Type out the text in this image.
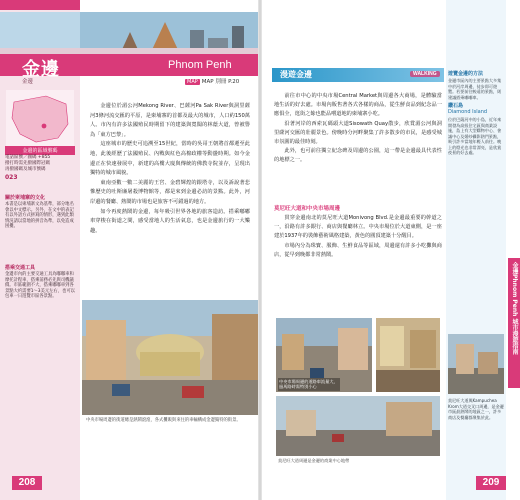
金邊	Phnom Penh
金邊	MAP MAP 別冊 P.20
金邊的區域號碼
電話區號／國碼 +855
撥打時需先撥國際冠碼
再撥國碼及城市號碼
023
關於柬埔寨的文化
本書是以柬埔寨文為基準，部分地名會以中文標示。另外，在文中的表記有以外語方式拼寫的情形，遇到此類情況請以當地的拼音為準，以免造成困擾。
搭乘交通工具
金邊市內的主要交通工具為嘟嘟車和摩托計程車，搭乘前務必先與司機議價。市區範圍不大，搭乘嘟嘟車到各景點大約需要1～3美元左右，也可以包車一日遊覽市區各景點。

金邊位於湄公河Mekong River、巴薩河Pa Sak River與洞里薩河3條河流交匯的平原，是柬埔寨的首都及最大的城市，人口約150萬人。市內有許多法國殖民時期留下的建築與寬闊的林蔭大道，曾被譽為「東方巴黎」。

這座城市的歷史可追溯至15世紀，當時的吳哥王朝將首都遷至此地，此後經歷了法國殖民、內戰與紅色高棉政權等動盪時期。如今金邊正在快速發展中，新建的高樓大廈與傳統的佛教寺院並存，呈現出獨特的城市風貌。

東南亞數一數二美麗的王宮、金碧輝煌的銀塔寺，以及訴說著悲慘歷史的吐斯廉屠殺博物館等，都是來到金邊必訪的景點。此外，河岸邊的餐廳、熱鬧的市場也是旅客不可錯過的地方。

如今再度熱鬧的金邊，每年吸引世界各地的旅客造訪。搭乘嘟嘟車穿梭在街道之間，感受當地人的生活氣息，也是金邊旅行的一大樂趣。

中央市場周邊的街道總是熱鬧滾滾，各式攤販與來往的車輛構成金邊獨特的街景。
208
漫遊金邊	WALKING

前往市中心的中央市場Central Market與周邊各大商場，是體驗當地生活的好去處。市場內販售著各式各樣的商品，從生鮮食品到紀念品一應俱全，逛街之餘也能品嚐道地的柬埔寨小吃。

沿著河岸的西索瓦碼頭大道Sisowath Quay散步，欣賞湄公河與洞里薩河交匯的壯麗景色。傍晚時分河畔聚集了許多散步的市民，是感受城市氛圍的最佳時刻。

此外，也可前往獨立紀念碑及周邊的公園，這一帶是金邊最具代表性的地標之一。

莫尼旺大道和中央市場周邊

貫穿金邊南北的莫尼旺大道Monivong Blvd.是金邊最重要的幹道之一，沿路有許多銀行、商店與餐廳林立。中央市場位於大道東側，是一座建於1937年的裝飾藝術風格建築，黃色的圓頂建築十分醒目。

市場內分為珠寶、服飾、生鮮食品等區域，周邊還有許多小吃攤與商店，從早到晚都非常熱鬧。

中央市場周邊的道路車流量大，過馬路時需特別小心
莫尼旺大道周邊是金邊的商業中心地帶
遊覽金邊的方法
金邊市區內的主要景點大多集中於河岸周邊，徒步即可遊覽。若要前往較遠的景點，則建議搭乘嘟嘟車。
鑽石島
Diamond Island
位於巴薩河中的小島，近年來開發為高級住宅區與商業設施，島上有大型購物中心、會議中心及婚紗攝影熱門景點，吸引許多當地年輕人前往。晚上的燈光也非常漂亮，是欣賞夜景的好去處。
莫尼旺大道與Kampuchea Krom大道交叉口周邊，是金邊市區最熱鬧的地區之一，許多商店及餐廳都聚集於此。
金邊Phnom Penh 城市漫遊指南
209
